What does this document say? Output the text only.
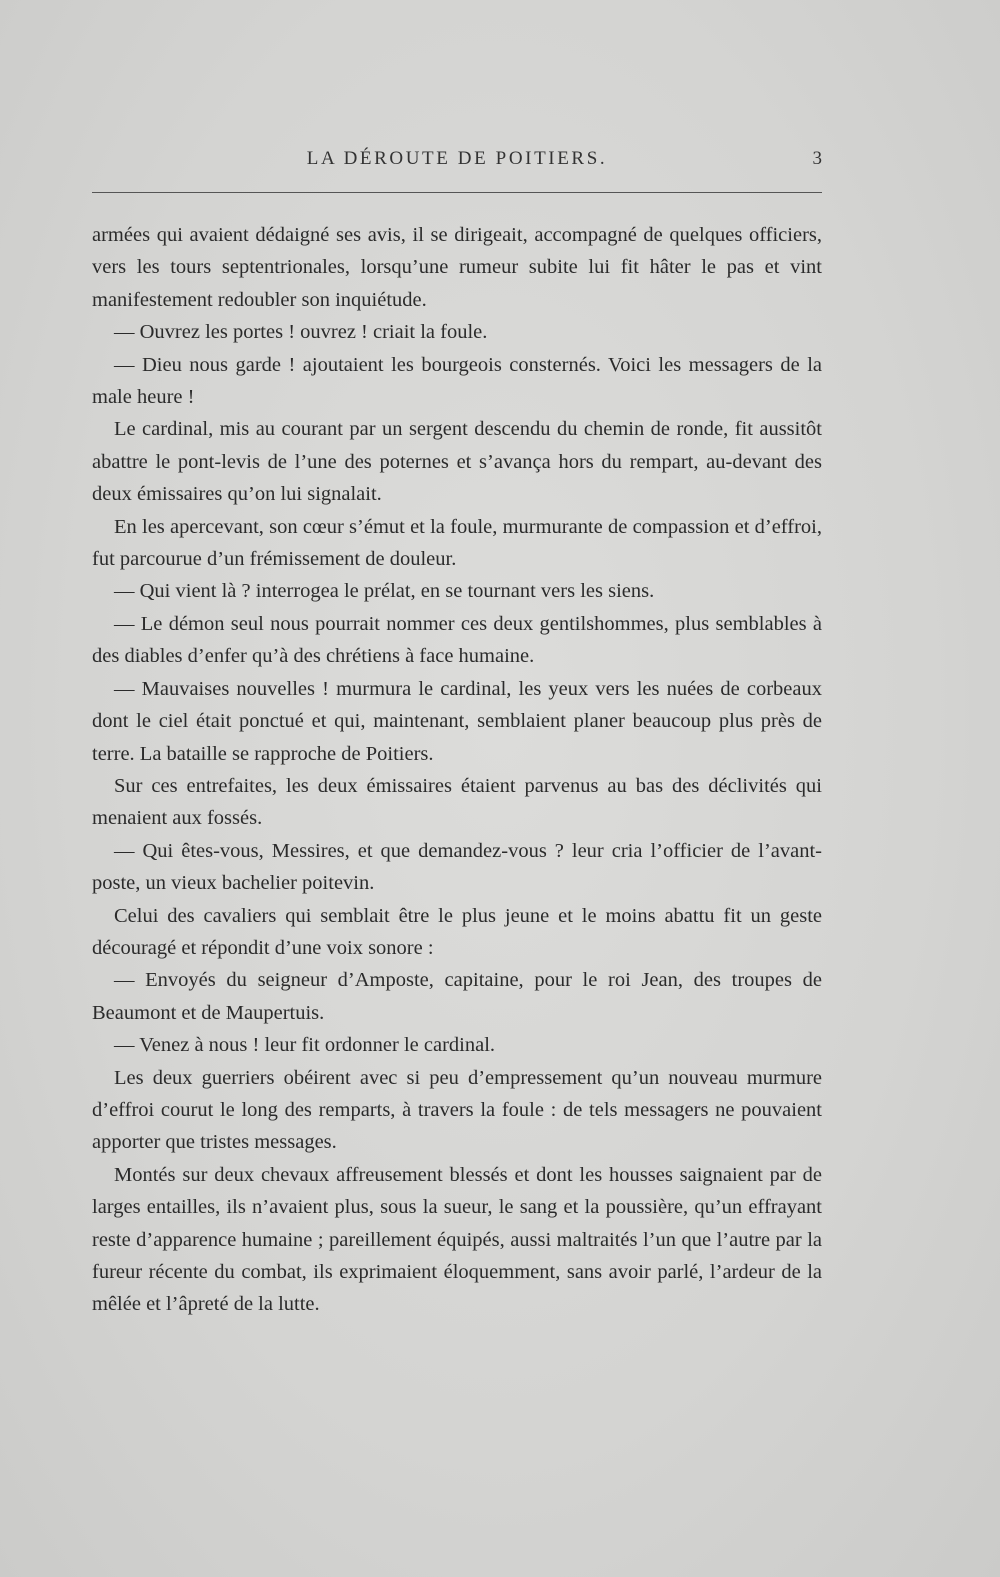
LA DÉROUTE DE POITIERS.	3

armées qui avaient dédaigné ses avis, il se dirigeait, accompagné de quelques officiers, vers les tours septentrionales, lorsqu’une rumeur subite lui fit hâter le pas et vint manifestement redoubler son inquiétude.

— Ouvrez les portes ! ouvrez ! criait la foule.

— Dieu nous garde ! ajoutaient les bourgeois consternés. Voici les messagers de la male heure !

Le cardinal, mis au courant par un sergent descendu du chemin de ronde, fit aussitôt abattre le pont-levis de l’une des poternes et s’avança hors du rempart, au-devant des deux émissaires qu’on lui signalait.

En les apercevant, son cœur s’émut et la foule, murmurante de compassion et d’effroi, fut parcourue d’un frémissement de douleur.

— Qui vient là ? interrogea le prélat, en se tournant vers les siens.

— Le démon seul nous pourrait nommer ces deux gentilshommes, plus semblables à des diables d’enfer qu’à des chrétiens à face humaine.

— Mauvaises nouvelles ! murmura le cardinal, les yeux vers les nuées de corbeaux dont le ciel était ponctué et qui, maintenant, semblaient planer beaucoup plus près de terre. La bataille se rapproche de Poitiers.

Sur ces entrefaites, les deux émissaires étaient parvenus au bas des déclivités qui menaient aux fossés.

— Qui êtes-vous, Messires, et que demandez-vous ? leur cria l’officier de l’avant-poste, un vieux bachelier poitevin.

Celui des cavaliers qui semblait être le plus jeune et le moins abattu fit un geste découragé et répondit d’une voix sonore :

— Envoyés du seigneur d’Amposte, capitaine, pour le roi Jean, des troupes de Beaumont et de Maupertuis.

— Venez à nous ! leur fit ordonner le cardinal.

Les deux guerriers obéirent avec si peu d’empressement qu’un nouveau murmure d’effroi courut le long des remparts, à travers la foule : de tels messagers ne pouvaient apporter que tristes messages.

Montés sur deux chevaux affreusement blessés et dont les housses saignaient par de larges entailles, ils n’avaient plus, sous la sueur, le sang et la poussière, qu’un effrayant reste d’apparence humaine ; pareillement équipés, aussi maltraités l’un que l’autre par la fureur récente du combat, ils exprimaient éloquemment, sans avoir parlé, l’ardeur de la mêlée et l’âpreté de la lutte.
